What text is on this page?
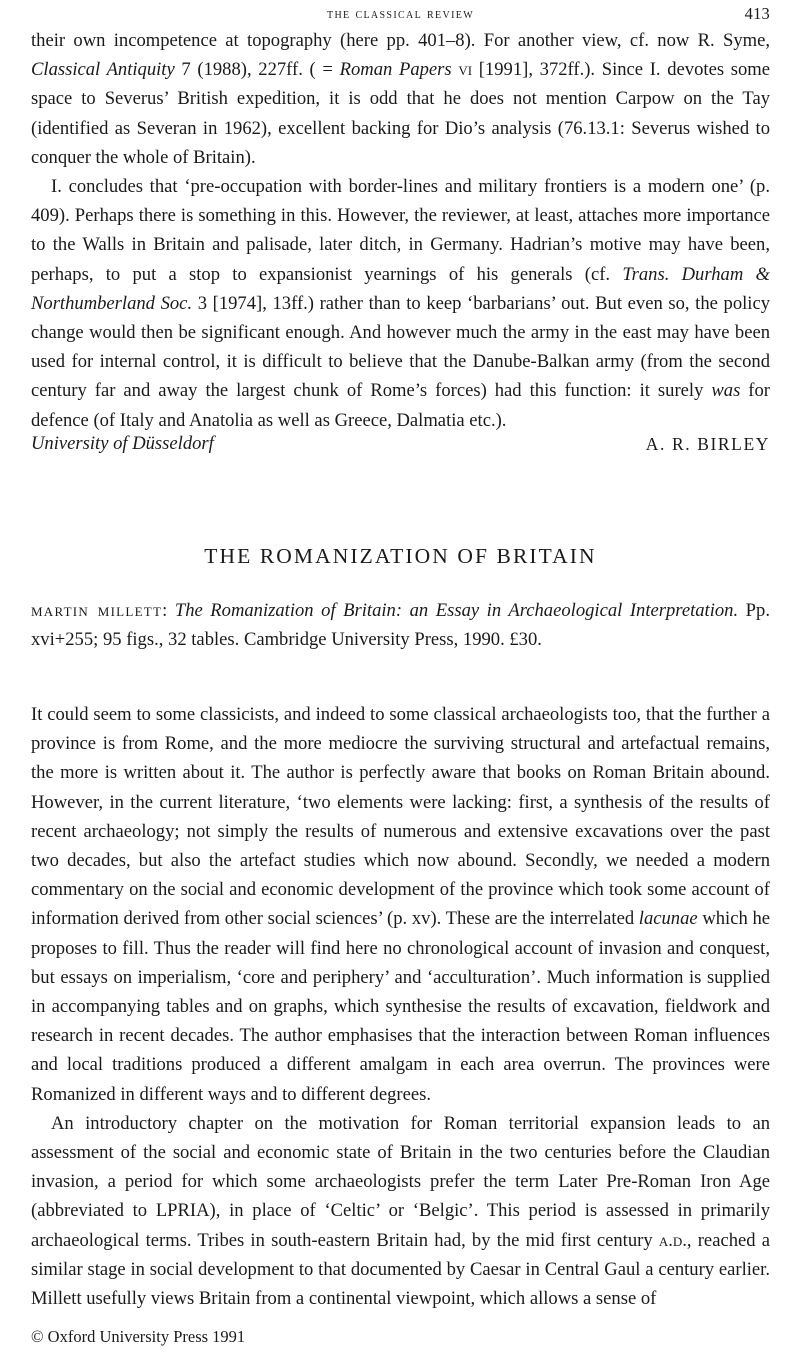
the classical review	413

their own incompetence at topography (here pp. 401–8). For another view, cf. now R. Syme, Classical Antiquity 7 (1988), 227ff. ( = Roman Papers vi [1991], 372ff.). Since I. devotes some space to Severus’ British expedition, it is odd that he does not mention Carpow on the Tay (identified as Severan in 1962), excellent backing for Dio’s analysis (76.13.1: Severus wished to conquer the whole of Britain).

I. concludes that ‘pre-occupation with border-lines and military frontiers is a modern one’ (p. 409). Perhaps there is something in this. However, the reviewer, at least, attaches more importance to the Walls in Britain and palisade, later ditch, in Germany. Hadrian’s motive may have been, perhaps, to put a stop to expansionist yearnings of his generals (cf. Trans. Durham & Northumberland Soc. 3 [1974], 13ff.) rather than to keep ‘barbarians’ out. But even so, the policy change would then be significant enough. And however much the army in the east may have been used for internal control, it is difficult to believe that the Danube-Balkan army (from the second century far and away the largest chunk of Rome’s forces) had this function: it surely was for defence (of Italy and Anatolia as well as Greece, Dalmatia etc.).

University of Düsseldorf	A. R. BIRLEY
THE ROMANIZATION OF BRITAIN
martin millett: The Romanization of Britain: an Essay in Archaeological Interpretation. Pp. xvi+255; 95 figs., 32 tables. Cambridge University Press, 1990. £30.

It could seem to some classicists, and indeed to some classical archaeologists too, that the further a province is from Rome, and the more mediocre the surviving structural and artefactual remains, the more is written about it. The author is perfectly aware that books on Roman Britain abound. However, in the current literature, ‘two elements were lacking: first, a synthesis of the results of recent archaeology; not simply the results of numerous and extensive excavations over the past two decades, but also the artefact studies which now abound. Secondly, we needed a modern commentary on the social and economic development of the province which took some account of information derived from other social sciences’ (p. xv). These are the interrelated lacunae which he proposes to fill. Thus the reader will find here no chronological account of invasion and conquest, but essays on imperialism, ‘core and periphery’ and ‘acculturation’. Much information is supplied in accompanying tables and on graphs, which synthesise the results of excavation, fieldwork and research in recent decades. The author emphasises that the interaction between Roman influences and local traditions produced a different amalgam in each area overrun. The provinces were Romanized in different ways and to different degrees.

An introductory chapter on the motivation for Roman territorial expansion leads to an assessment of the social and economic state of Britain in the two centuries before the Claudian invasion, a period for which some archaeologists prefer the term Later Pre-Roman Iron Age (abbreviated to LPRIA), in place of ‘Celtic’ or ‘Belgic’. This period is assessed in primarily archaeological terms. Tribes in south-eastern Britain had, by the mid first century a.d., reached a similar stage in social development to that documented by Caesar in Central Gaul a century earlier. Millett usefully views Britain from a continental viewpoint, which allows a sense of

© Oxford University Press 1991
